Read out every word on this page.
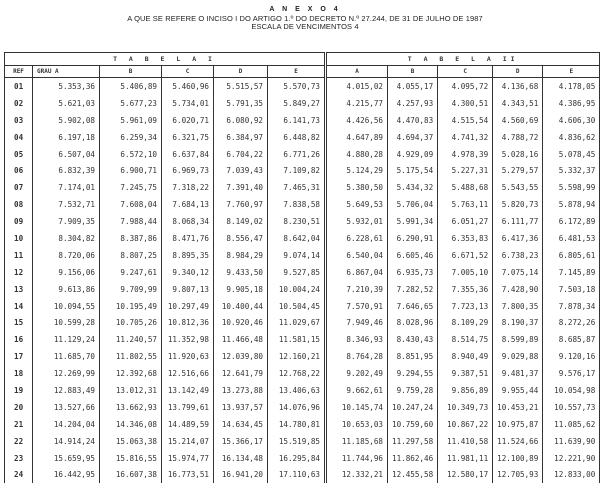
A N E X O 4
A QUE SE REFERE O INCISO I DO ARTIGO 1.º DO DECRETO N.º 27.244, DE 31 DE JULHO DE 1987
ESCALA DE VENCIMENTOS 4
T A B E L A I						T A B E L A II				
REF	GRAU A	B	C	D	E	A	B	C	D	E
01	5.353,36	5.406,89	5.460,96	5.515,57	5.570,73	4.015,02	4.055,17	4.095,72	4.136,68	4.178,05
02	5.621,03	5.677,23	5.734,01	5.791,35	5.849,27	4.215,77	4.257,93	4.300,51	4.343,51	4.386,95
03	5.902,08	5.961,09	6.020,71	6.080,92	6.141,73	4.426,56	4.470,83	4.515,54	4.560,69	4.606,30
04	6.197,18	6.259,34	6.321,75	6.384,97	6.448,82	4.647,89	4.694,37	4.741,32	4.788,72	4.836,62
05	6.507,04	6.572,10	6.637,84	6.704,22	6.771,26	4.880,28	4.929,09	4.978,39	5.028,16	5.078,45
06	6.832,39	6.900,71	6.969,73	7.039,43	7.109,82	5.124,29	5.175,54	5.227,31	5.279,57	5.332,37
07	7.174,01	7.245,75	7.318,22	7.391,40	7.465,31	5.380,50	5.434,32	5.488,68	5.543,55	5.598,99
08	7.532,71	7.608,04	7.684,13	7.760,97	7.838,58	5.649,53	5.706,04	5.763,11	5.820,73	5.878,94
09	7.909,35	7.988,44	8.068,34	8.149,02	8.230,51	5.932,01	5.991,34	6.051,27	6.111,77	6.172,89
10	8.304,82	8.387,86	8.471,76	8.556,47	8.642,04	6.228,61	6.290,91	6.353,83	6.417,36	6.481,53
11	8.720,06	8.807,25	8.895,35	8.984,29	9.074,14	6.540,04	6.605,46	6.671,52	6.738,23	6.805,61
12	9.156,06	9.247,61	9.340,12	9.433,50	9.527,85	6.867,04	6.935,73	7.005,10	7.075,14	7.145,89
13	9.613,86	9.709,99	9.807,13	9.905,18	10.004,24	7.210,39	7.282,52	7.355,36	7.428,90	7.503,18
14	10.094,55	10.195,49	10.297,49	10.400,44	10.504,45	7.570,91	7.646,65	7.723,13	7.800,35	7.878,34
15	10.599,28	10.705,26	10.812,36	10.920,46	11.029,67	7.949,46	8.028,96	8.109,29	8.190,37	8.272,26
16	11.129,24	11.240,57	11.352,98	11.466,48	11.581,15	8.346,93	8.430,43	8.514,75	8.599,89	8.685,87
17	11.685,70	11.802,55	11.920,63	12.039,80	12.160,21	8.764,28	8.851,95	8.940,49	9.029,88	9.120,16
18	12.269,99	12.392,68	12.516,66	12.641,79	12.768,22	9.202,49	9.294,55	9.387,51	9.481,37	9.576,17
19	12.883,49	13.012,31	13.142,49	13.273,88	13.406,63	9.662,61	9.759,28	9.856,89	9.955,44	10.054,98
20	13.527,66	13.662,93	13.799,61	13.937,57	14.076,96	10.145,74	10.247,24	10.349,73	10.453,21	10.557,73
21	14.204,04	14.346,08	14.489,59	14.634,45	14.780,81	10.653,03	10.759,60	10.867,22	10.975,87	11.085,62
22	14.914,24	15.063,38	15.214,07	15.366,17	15.519,85	11.185,68	11.297,58	11.410,58	11.524,66	11.639,90
23	15.659,95	15.816,55	15.974,77	16.134,48	16.295,84	11.744,96	11.862,46	11.981,11	12.100,89	12.221,90
24	16.442,95	16.607,38	16.773,51	16.941,20	17.110,63	12.332,21	12.455,58	12.580,17	12.705,93	12.833,00
